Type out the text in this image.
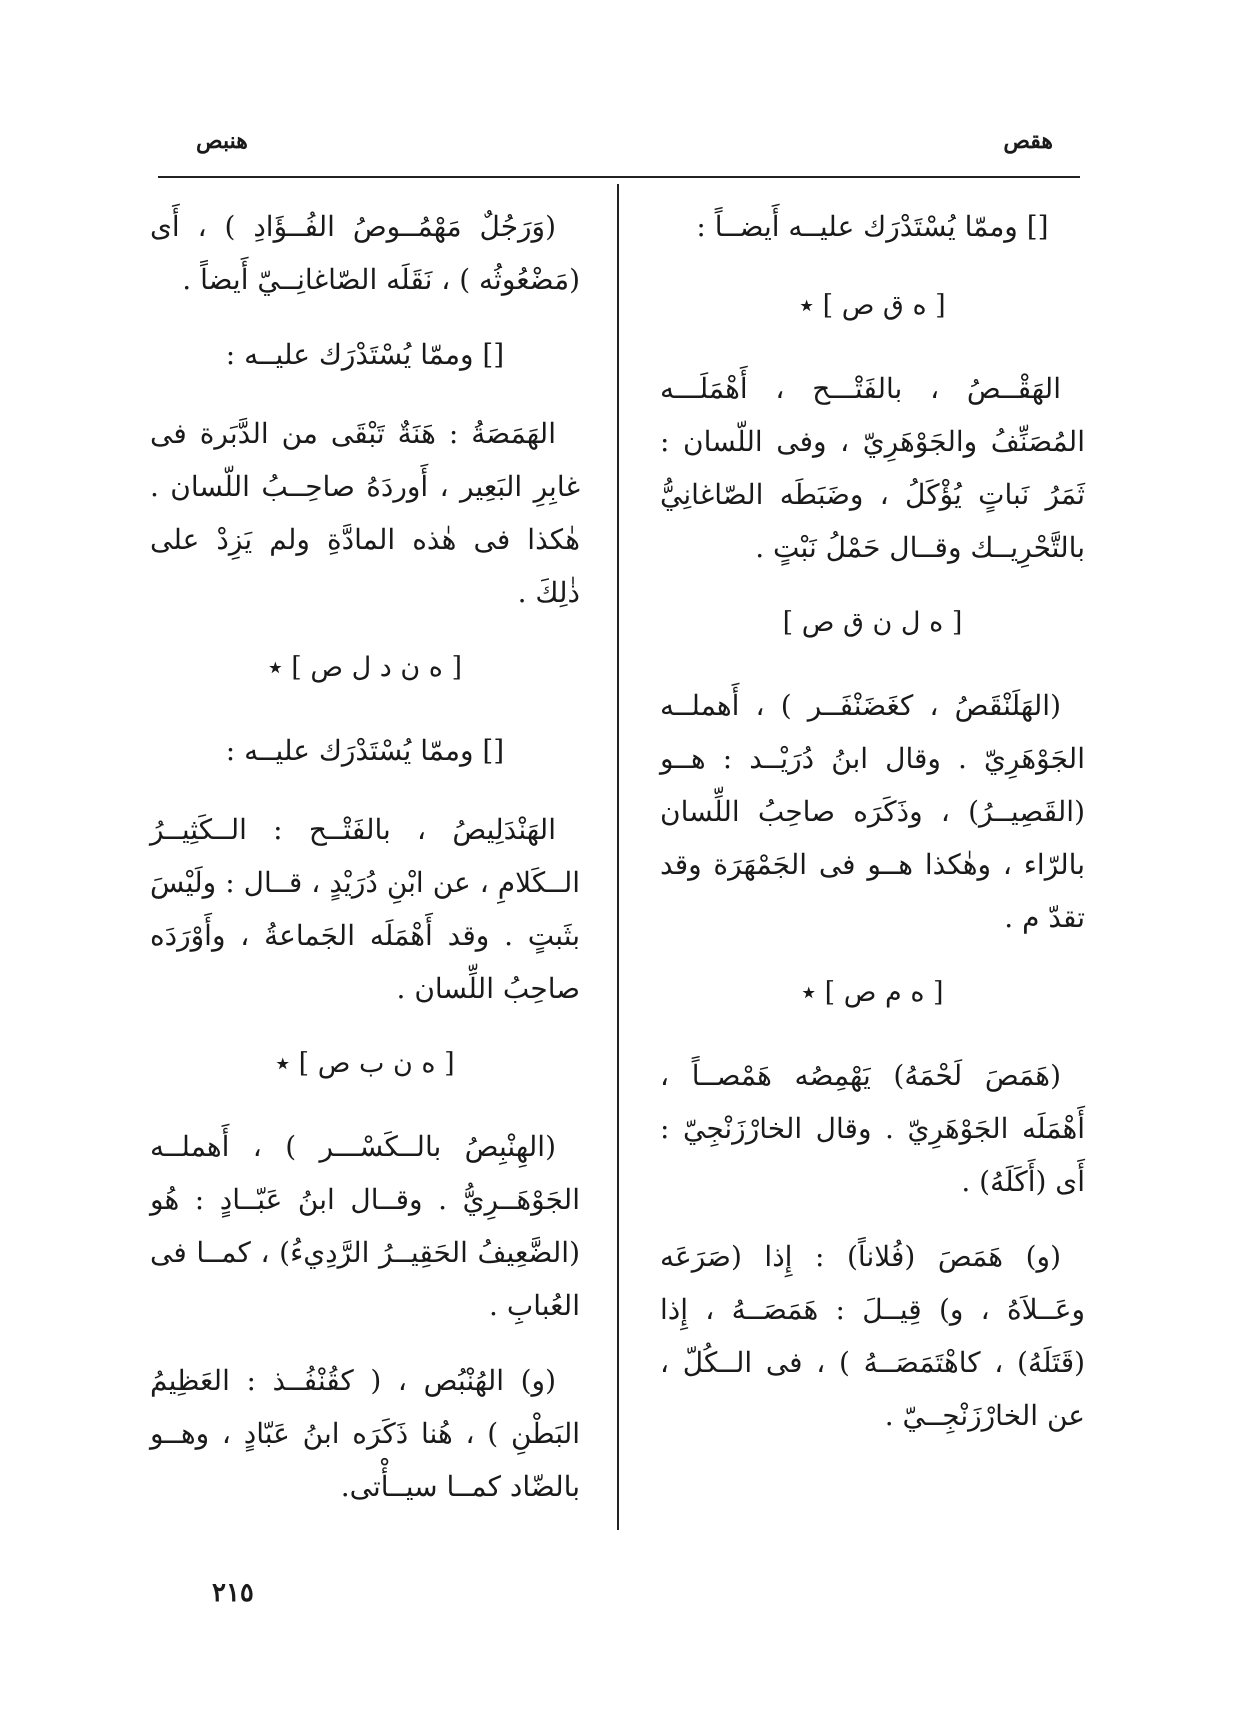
هقص
هنبص

[] وممّا يُسْتَدْرَك عليــه أَيضــاً :

[ ه ق ص ] ٭

الهَقْــصُ ، بالفَتْـــح ، أَهْمَلَـــه المُصَنِّفُ والجَوْهَرِيّ ، وفى اللّسان : ثَمَرُ نَباتٍ يُؤْكَلُ ، وضَبَطَه الصّاغانِيُّ بالتَّحْرِيــك وقــال حَمْلُ نَبْتٍ .

[ ه ل ن ق ص ]

(الهَلَنْقَصُ ، كغَضَنْفَــر ) ، أَهملــه الجَوْهَرِيّ . وقال ابنُ دُرَيْــد : هــو (القَصِيــرُ) ، وذَكَرَه صاحِبُ اللِّسان بالرّاء ، وهٰكذا هــو فى الجَمْهَرَة وقد تقدّ م .

[ ه م ص ] ٭

(هَمَصَ لَحْمَهُ) يَهْمِصُه هَمْصــاً ، أَهْمَلَه الجَوْهَرِيّ . وقال الخارْزَنْجِيّ : أَى (أَكَلَهُ) .

(و) هَمَصَ (فُلاناً) : إِذا (صَرَعَه وعَــلاَهُ ، و) قِيــلَ : هَمَصَــهُ ، إِذا (قَتَلَهُ) ، كاهْتَمَصَــهُ ) ، فى الــكُلّ ، عن الخارْزَنْجِــيّ .

(وَرَجُلٌ مَهْمُــوصُ الفُــؤَادِ ) ، أَى (مَضْعُوثُه ) ، نَقَلَه الصّاغانِــيّ أَيضاً .

[] وممّا يُسْتَدْرَك عليــه :

الهَمَصَةُ : هَنَةٌ تَبْقَى من الدَّبَرة فى غابِرِ البَعِير ، أَوردَهُ صاحِــبُ اللّسان . هٰكذا فى هٰذه المادَّةِ ولم يَزِدْ على ذٰلِكَ .

[ ه ن د ل ص ] ٭

[] وممّا يُسْتَدْرَك عليــه :

الهَنْدَلِيصُ ، بالفَتْــح : الــكَثِيــرُ الــكَلامِ ، عن ابْنِ دُرَيْدٍ ، قــال : ولَيْسَ بثَبتٍ . وقد أَهْمَلَه الجَماعةُ ، وأَوْرَدَه صاحِبُ اللِّسان .

[ ه ن ب ص ] ٭

(الهِنْبِصُ بالــكَسْـــر ) ، أَهملــه الجَوْهَــرِيُّ . وقــال ابنُ عَبّــادٍ : هُو (الضَّعِيفُ الحَقِيــرُ الرَّدِيءُ) ، كمــا فى العُبابِ .

(و) الهُنْبُص ، ( كقُنْفُــذ : العَظِيمُ البَطْنِ ) ، هُنا ذَكَرَه ابنُ عَبّادٍ ، وهــو بالضّاد كمــا سيــأْتى.

٢١٥
